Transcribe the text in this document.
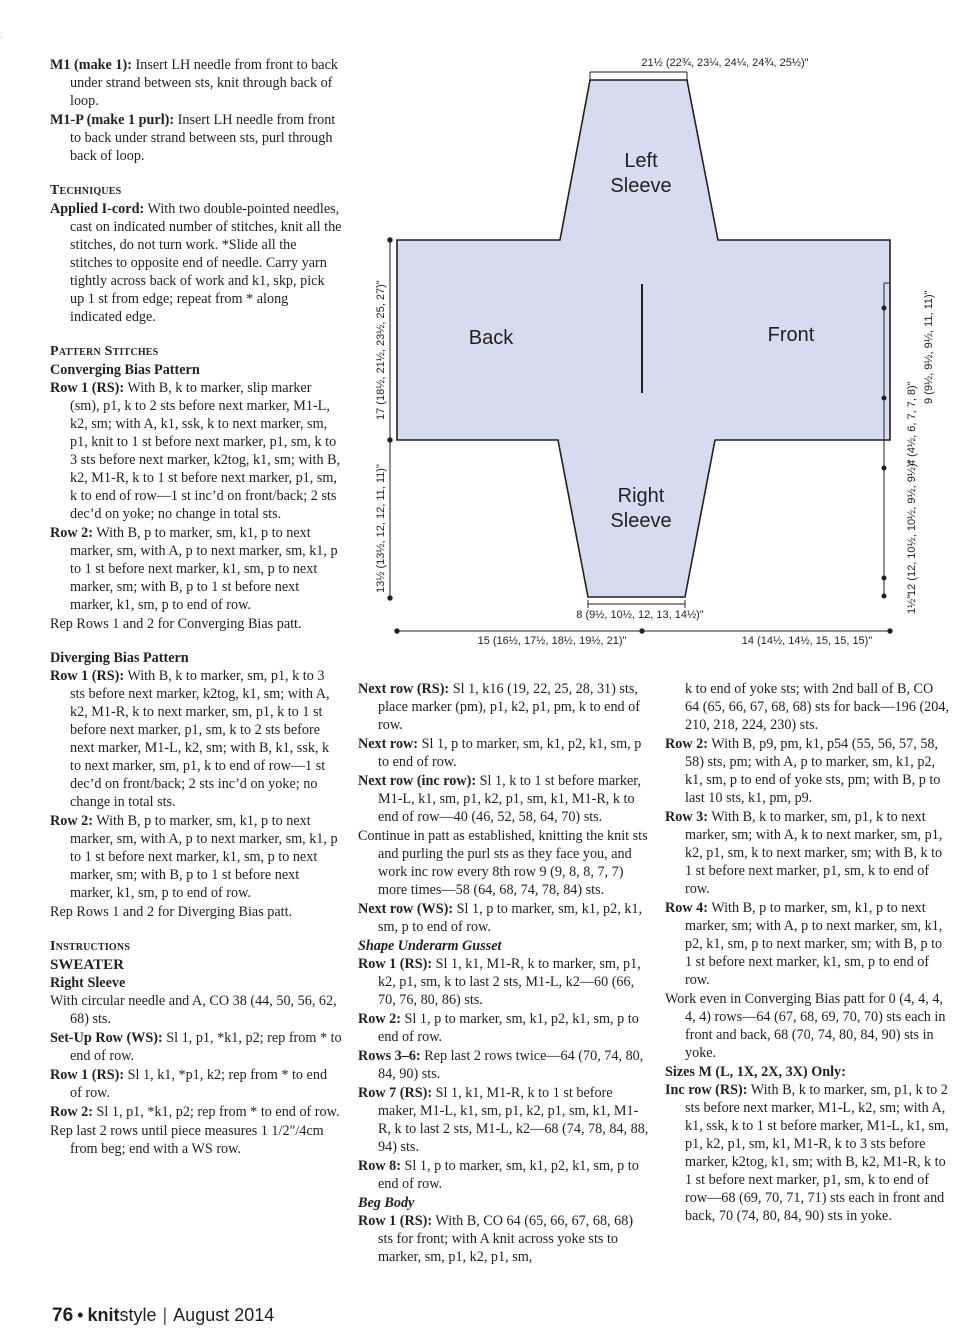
·

M1 (make 1): Insert LH needle from front to back under strand between sts, knit through back of loop.

M1-P (make 1 purl): Insert LH needle from front to back under strand between sts, purl through back of loop.

Techniques

Applied I-cord: With two double-pointed needles, cast on indicated number of stitches, knit all the stitches, do not turn work. *Slide all the stitches to opposite end of needle. Carry yarn tightly across back of work and k1, skp, pick up 1 st from edge; repeat from * along indicated edge.

Pattern Stitches
Converging Bias Pattern

Row 1 (RS): With B, k to marker, slip marker (sm), p1, k to 2 sts before next marker, M1-L, k2, sm; with A, k1, ssk, k to next marker, sm, p1, knit to 1 st before next marker, p1, sm, k to 3 sts before next marker, k2tog, k1, sm; with B, k2, M1-R, k to 1 st before next marker, p1, sm, k to end of row—1 st inc’d on front/back; 2 sts dec’d on yoke; no change in total sts.

Row 2: With B, p to marker, sm, k1, p to next marker, sm, with A, p to next marker, sm, k1, p to 1 st before next marker, k1, sm, p to next marker, sm; with B, p to 1 st before next marker, k1, sm, p to end of row.

Rep Rows 1 and 2 for Converging Bias patt.

Diverging Bias Pattern

Row 1 (RS): With B, k to marker, sm, p1, k to 3 sts before next marker, k2tog, k1, sm; with A, k2, M1-R, k to next marker, sm, p1, k to 1 st before next marker, p1, sm, k to 2 sts before next marker, M1-L, k2, sm; with B, k1, ssk, k to next marker, sm, p1, k to end of row—1 st dec’d on front/back; 2 sts inc’d on yoke; no change in total sts.

Row 2: With B, p to marker, sm, k1, p to next marker, sm, with A, p to next marker, sm, k1, p to 1 st before next marker, k1, sm, p to next marker, sm; with B, p to 1 st before next marker, k1, sm, p to end of row.

Rep Rows 1 and 2 for Diverging Bias patt.

Instructions
SWEATER
Right Sleeve

With circular needle and A, CO 38 (44, 50, 56, 62, 68) sts.

Set-Up Row (WS): Sl 1, p1, *k1, p2; rep from * to end of row.

Row 1 (RS): Sl 1, k1, *p1, k2; rep from * to end of row.

Row 2: Sl 1, p1, *k1, p2; rep from * to end of row.

Rep last 2 rows until piece measures 1 1/2"/4cm from beg; end with a WS row.

21½ (22¾, 23¼, 24¼, 24¾, 25½)"
Left
Sleeve
Back	Front
Right
Sleeve
17 (18½, 21½, 23½, 25, 27)"
13½ (13½, 12, 12, 11, 11)"
8 (9½, 10½, 12, 13, 14½)"
15 (16½, 17½, 18½, 19½, 21)"	14 (14½, 14½, 15, 15, 15)"
9 (9½, 9½, 9½, 11, 11)"
4 (4½, 6, 7, 7, 8)"
12 (12, 10½, 10½, 9½, 9½)"
1½"

Next row (RS): Sl 1, k16 (19, 22, 25, 28, 31) sts, place marker (pm), p1, k2, p1, pm, k to end of row.

Next row: Sl 1, p to marker, sm, k1, p2, k1, sm, p to end of row.

Next row (inc row): Sl 1, k to 1 st before marker, M1-L, k1, sm, p1, k2, p1, sm, k1, M1-R, k to end of row—40 (46, 52, 58, 64, 70) sts.

Continue in patt as established, knitting the knit sts and purling the purl sts as they face you, and work inc row every 8th row 9 (9, 8, 8, 7, 7) more times—58 (64, 68, 74, 78, 84) sts.

Next row (WS): Sl 1, p to marker, sm, k1, p2, k1, sm, p to end of row.

Shape Underarm Gusset

Row 1 (RS): Sl 1, k1, M1-R, k to marker, sm, p1, k2, p1, sm, k to last 2 sts, M1-L, k2—60 (66, 70, 76, 80, 86) sts.

Row 2: Sl 1, p to marker, sm, k1, p2, k1, sm, p to end of row.

Rows 3–6: Rep last 2 rows twice—64 (70, 74, 80, 84, 90) sts.

Row 7 (RS): Sl 1, k1, M1-R, k to 1 st before maker, M1-L, k1, sm, p1, k2, p1, sm, k1, M1-R, k to last 2 sts, M1-L, k2—68 (74, 78, 84, 88, 94) sts.

Row 8: Sl 1, p to marker, sm, k1, p2, k1, sm, p to end of row.

Beg Body

Row 1 (RS): With B, CO 64 (65, 66, 67, 68, 68) sts for front; with A knit across yoke sts to marker, sm, p1, k2, p1, sm,

k to end of yoke sts; with 2nd ball of B, CO 64 (65, 66, 67, 68, 68) sts for back—196 (204, 210, 218, 224, 230) sts.

Row 2: With B, p9, pm, k1, p54 (55, 56, 57, 58, 58) sts, pm; with A, p to marker, sm, k1, p2, k1, sm, p to end of yoke sts, pm; with B, p to last 10 sts, k1, pm, p9.

Row 3: With B, k to marker, sm, p1, k to next marker, sm; with A, k to next marker, sm, p1, k2, p1, sm, k to next marker, sm; with B, k to 1 st before next marker, p1, sm, k to end of row.

Row 4: With B, p to marker, sm, k1, p to next marker, sm; with A, p to next marker, sm, k1, p2, k1, sm, p to next marker, sm; with B, p to 1 st before next marker, k1, sm, p to end of row.

Work even in Converging Bias patt for 0 (4, 4, 4, 4, 4) rows—64 (67, 68, 69, 70, 70) sts each in front and back, 68 (70, 74, 80, 84, 90) sts in yoke.

Sizes M (L, 1X, 2X, 3X) Only:

Inc row (RS): With B, k to marker, sm, p1, k to 2 sts before next marker, M1-L, k2, sm; with A, k1, ssk, k to 1 st before marker, M1-L, k1, sm, p1, k2, p1, sm, k1, M1-R, k to 3 sts before marker, k2tog, k1, sm; with B, k2, M1-R, k to 1 st before next marker, p1, sm, k to end of row—68 (69, 70, 71, 71) sts each in front and back, 70 (74, 80, 84, 90) sts in yoke.

76 • knitstyle | August 2014
